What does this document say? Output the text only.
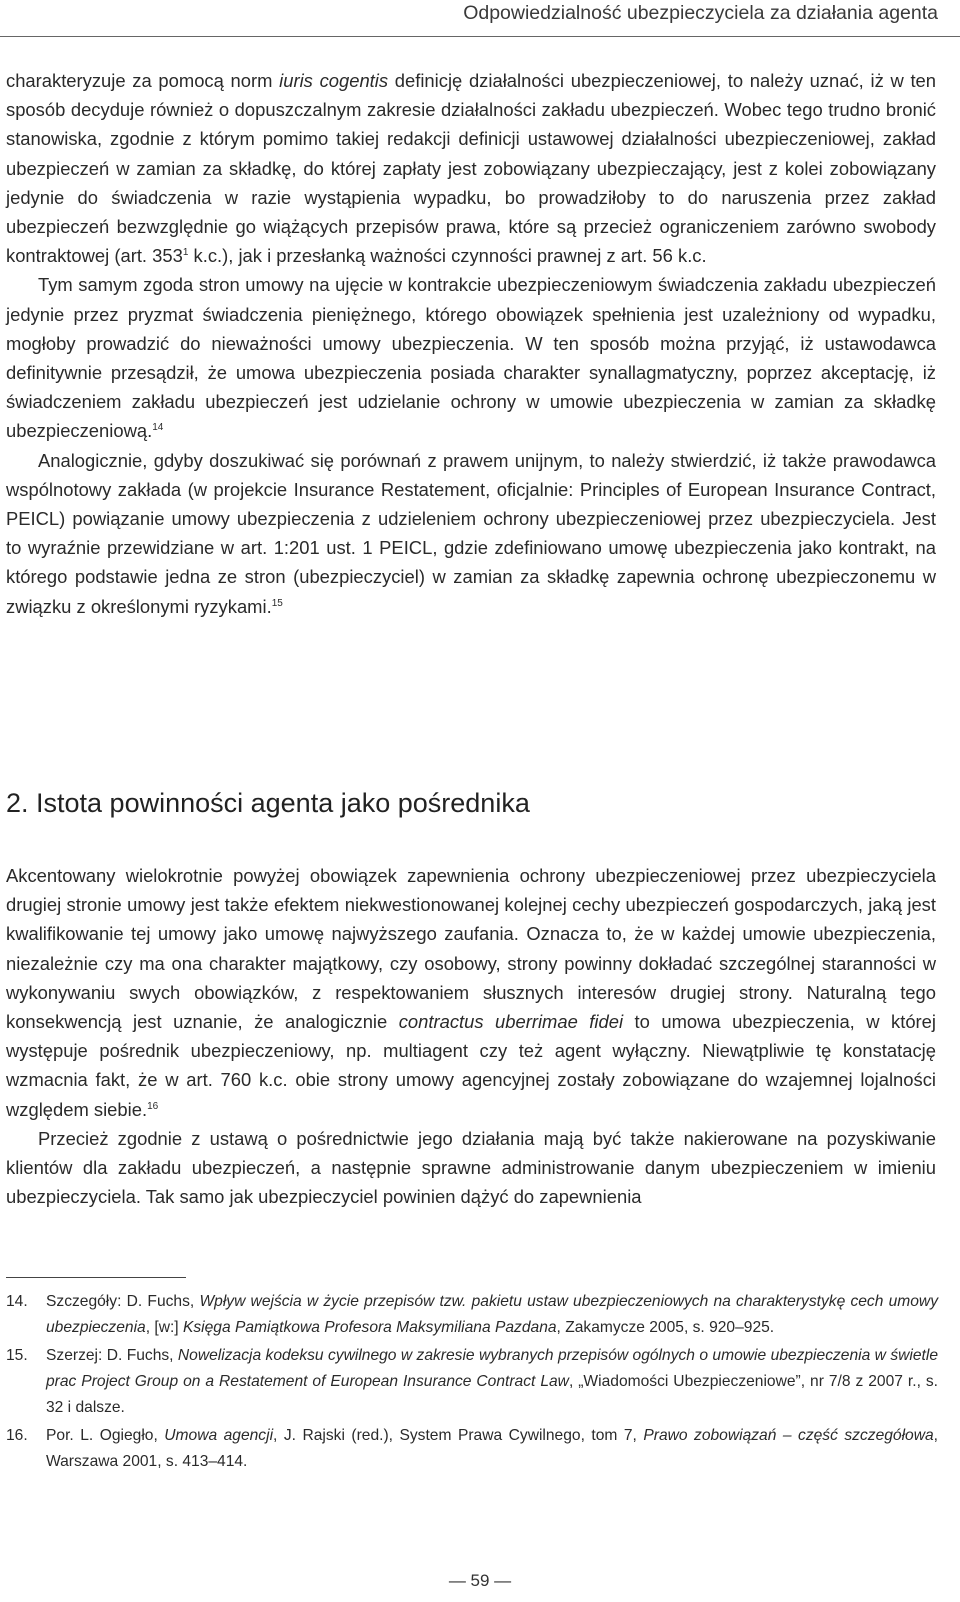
Odpowiedzialność ubezpieczyciela za działania agenta

charakteryzuje za pomocą norm iuris cogentis definicję działalności ubezpieczeniowej, to należy uznać, iż w ten sposób decyduje również o dopuszczalnym zakresie działalności zakładu ubezpieczeń. Wobec tego trudno bronić stanowiska, zgodnie z którym pomimo takiej redakcji definicji ustawowej działalności ubezpieczeniowej, zakład ubezpieczeń w zamian za składkę, do której zapłaty jest zobowiązany ubezpieczający, jest z kolei zobowiązany jedynie do świadczenia w razie wystąpienia wypadku, bo prowadziłoby to do naruszenia przez zakład ubezpieczeń bezwzględnie go wiążących przepisów prawa, które są przecież ograniczeniem zarówno swobody kontraktowej (art. 353$^1$ k.c.), jak i przesłanką ważności czynności prawnej z art. 56 k.c.

Tym samym zgoda stron umowy na ujęcie w kontrakcie ubezpieczeniowym świadczenia zakładu ubezpieczeń jedynie przez pryzmat świadczenia pieniężnego, którego obowiązek spełnienia jest uzależniony od wypadku, mogłoby prowadzić do nieważności umowy ubezpieczenia. W ten sposób można przyjąć, iż ustawodawca definitywnie przesądził, że umowa ubezpieczenia posiada charakter synallagmatyczny, poprzez akceptację, iż świadczeniem zakładu ubezpieczeń jest udzielanie ochrony w umowie ubezpieczenia w zamian za składkę ubezpieczeniową.$^{14}$

Analogicznie, gdyby doszukiwać się porównań z prawem unijnym, to należy stwierdzić, iż także prawodawca wspólnotowy zakłada (w projekcie Insurance Restatement, oficjalnie: Principles of European Insurance Contract, PEICL) powiązanie umowy ubezpieczenia z udzieleniem ochrony ubezpieczeniowej przez ubezpieczyciela. Jest to wyraźnie przewidziane w art. 1:201 ust. 1 PEICL, gdzie zdefiniowano umowę ubezpieczenia jako kontrakt, na którego podstawie jedna ze stron (ubezpieczyciel) w zamian za składkę zapewnia ochronę ubezpieczonemu w związku z określonymi ryzykami.$^{15}$

2. Istota powinności agenta jako pośrednika

Akcentowany wielokrotnie powyżej obowiązek zapewnienia ochrony ubezpieczeniowej przez ubezpieczyciela drugiej stronie umowy jest także efektem niekwestionowanej kolejnej cechy ubezpieczeń gospodarczych, jaką jest kwalifikowanie tej umowy jako umowę najwyższego zaufania. Oznacza to, że w każdej umowie ubezpieczenia, niezależnie czy ma ona charakter majątkowy, czy osobowy, strony powinny dokładać szczególnej staranności w wykonywaniu swych obowiązków, z respektowaniem słusznych interesów drugiej strony. Naturalną tego konsekwencją jest uznanie, że analogicznie contractus uberrimae fidei to umowa ubezpieczenia, w której występuje pośrednik ubezpieczeniowy, np. multiagent czy też agent wyłączny. Niewątpliwie tę konstatację wzmacnia fakt, że w art. 760 k.c. obie strony umowy agencyjnej zostały zobowiązane do wzajemnej lojalności względem siebie.$^{16}$

Przecież zgodnie z ustawą o pośrednictwie jego działania mają być także nakierowane na pozyskiwanie klientów dla zakładu ubezpieczeń, a następnie sprawne administrowanie danym ubezpieczeniem w imieniu ubezpieczyciela. Tak samo jak ubezpieczyciel powinien dążyć do zapewnienia

14.	Szczegóły: D. Fuchs, Wpływ wejścia w życie przepisów tzw. pakietu ustaw ubezpieczeniowych na charakterystykę cech umowy ubezpieczenia, [w:] Księga Pamiątkowa Profesora Maksymiliana Pazdana, Zakamycze 2005, s. 920–925.
15.	Szerzej: D. Fuchs, Nowelizacja kodeksu cywilnego w zakresie wybranych przepisów ogólnych o umowie ubezpieczenia w świetle prac Project Group on a Restatement of European Insurance Contract Law, „Wiadomości Ubezpieczeniowe”, nr 7/8 z 2007 r., s. 32 i dalsze.
16.	Por. L. Ogiegło, Umowa agencji, J. Rajski (red.), System Prawa Cywilnego, tom 7, Prawo zobowiązań – część szczegółowa, Warszawa 2001, s. 413–414.
— 59 —
